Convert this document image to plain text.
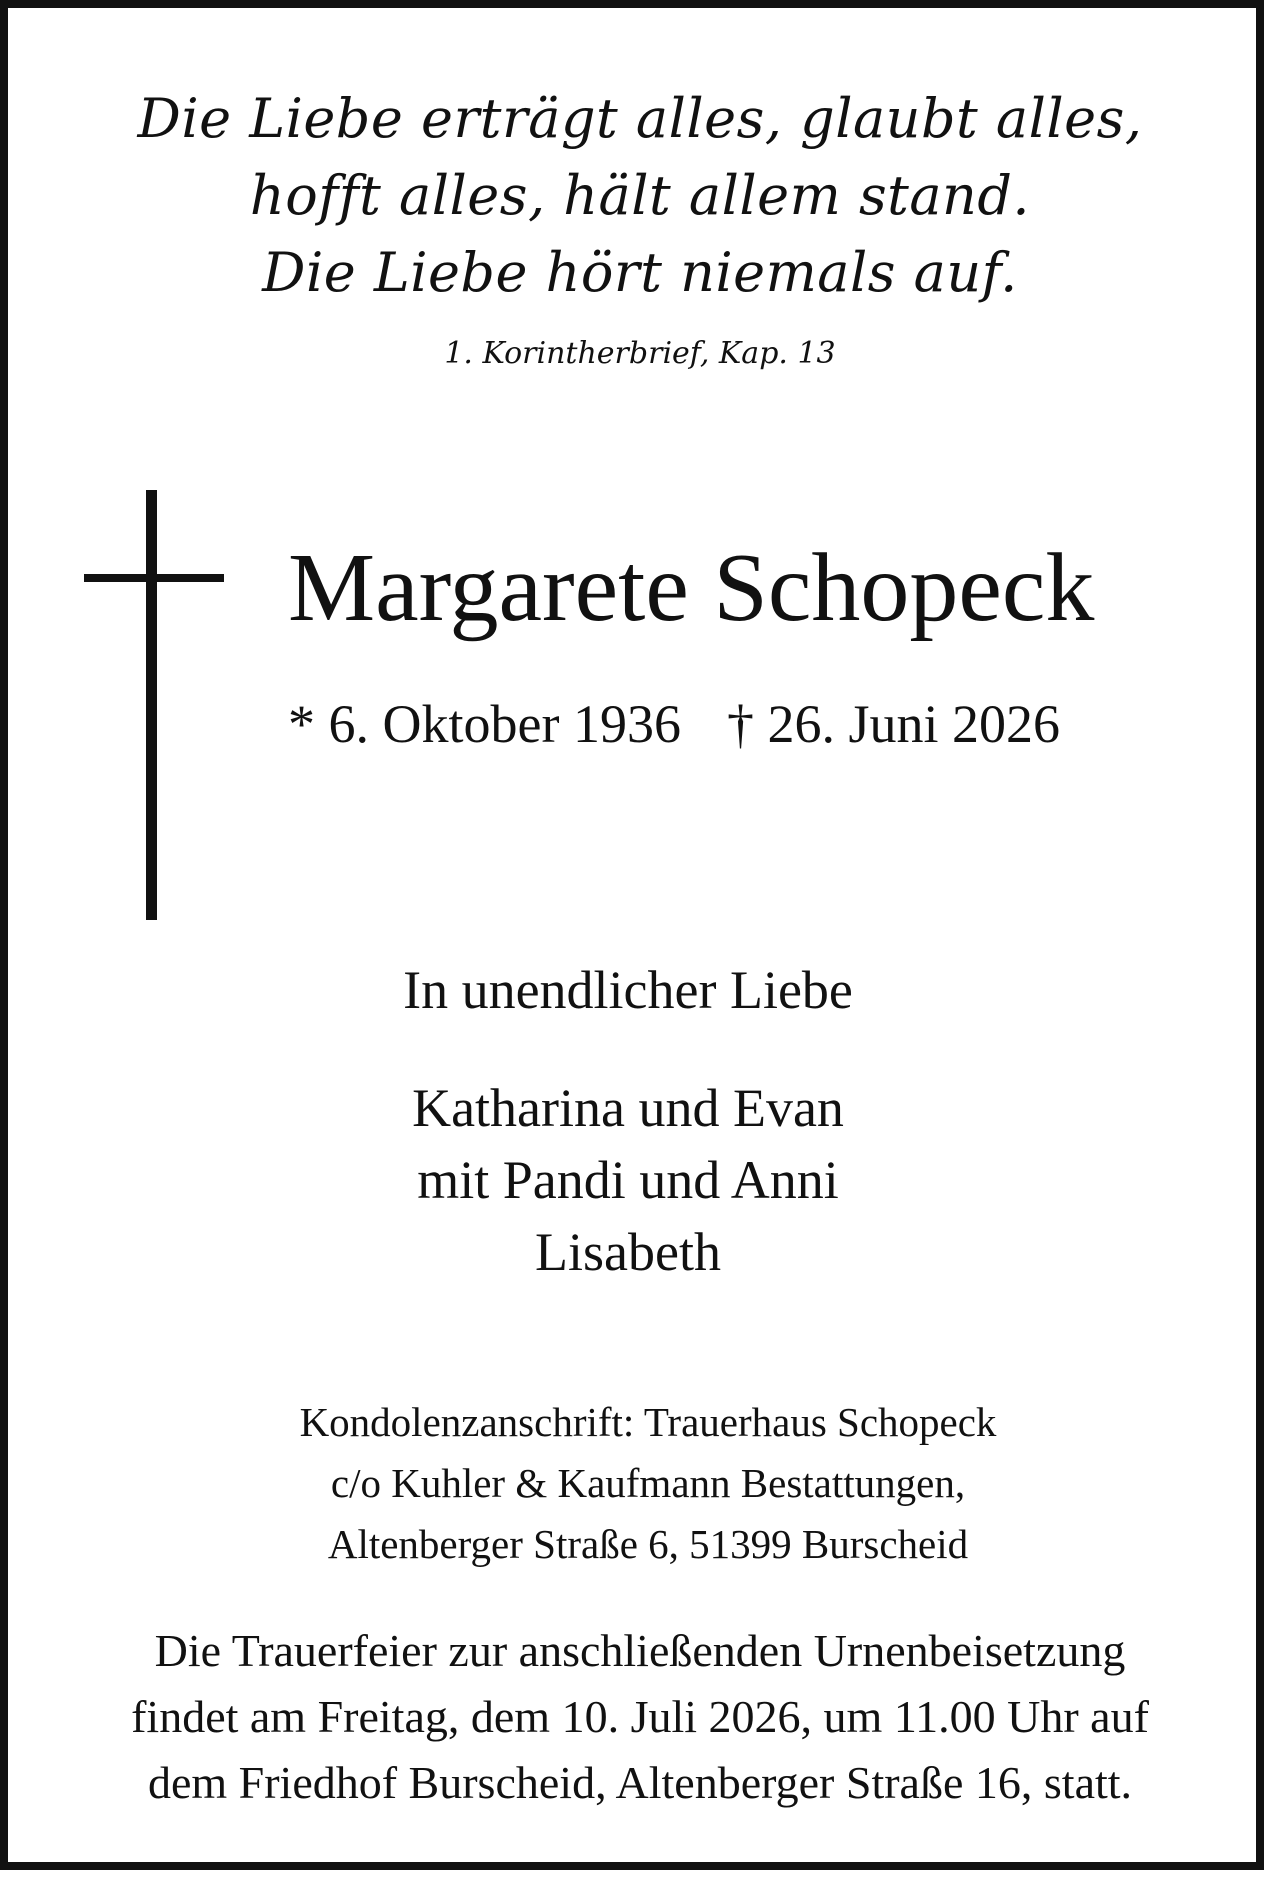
Die Liebe erträgt alles, glaubt alles,
hofft alles, hält allem stand.
Die Liebe hört niemals auf.
1. Korintherbrief, Kap. 13
Margarete Schopeck
* 6. Oktober 1936 † 26. Juni 2026
In unendlicher Liebe
Katharina und Evan
mit Pandi und Anni
Lisabeth
Kondolenzanschrift: Trauerhaus Schopeck
c/o Kuhler & Kaufmann Bestattungen,
Altenberger Straße 6, 51399 Burscheid
Die Trauerfeier zur anschließenden Urnenbeisetzung
findet am Freitag, dem 10. Juli 2026, um 11.00 Uhr auf
dem Friedhof Burscheid, Altenberger Straße 16, statt.
